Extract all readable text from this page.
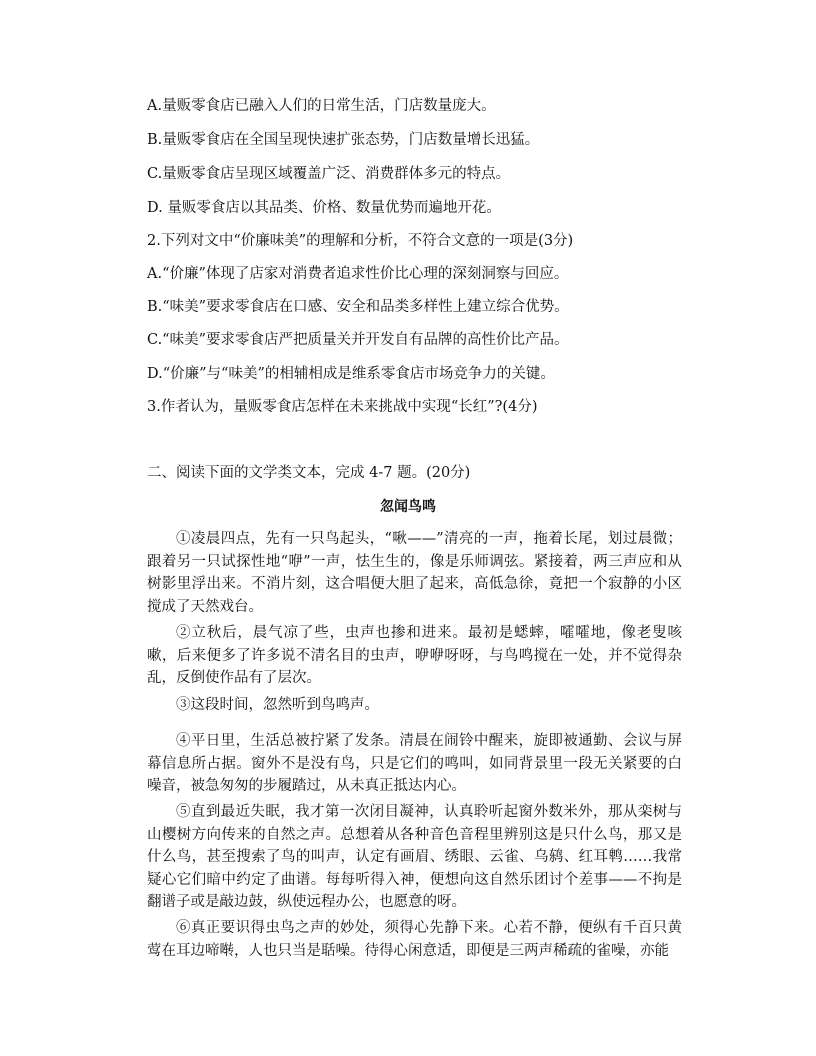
A.量贩零食店已融入人们的日常生活，门店数量庞大。
B.量贩零食店在全国呈现快速扩张态势，门店数量增长迅猛。
C.量贩零食店呈现区域覆盖广泛、消费群体多元的特点。
D. 量贩零食店以其品类、价格、数量优势而遍地开花。
2.下列对文中“价廉味美”的理解和分析，不符合文意的一项是(3分)
A.“价廉”体现了店家对消费者追求性价比心理的深刻洞察与回应。
B.“味美”要求零食店在口感、安全和品类多样性上建立综合优势。
C.“味美”要求零食店严把质量关并开发自有品牌的高性价比产品。
D.“价廉”与“味美”的相辅相成是维系零食店市场竞争力的关键。
3.作者认为，量贩零食店怎样在未来挑战中实现“长红”?(4分)
二、阅读下面的文学类文本，完成 4-7 题。(20分)
忽闻鸟鸣
①凌晨四点，先有一只鸟起头，“啾——”清亮的一声，拖着长尾，划过晨微；跟着另一只试探性地“咿”一声，怯生生的，像是乐师调弦。紧接着，两三声应和从树影里浮出来。不消片刻，这合唱便大胆了起来，高低急徐，竟把一个寂静的小区搅成了天然戏台。
②立秋后，晨气凉了些，虫声也掺和进来。最初是蟋蟀，嚯嚯地，像老叟咳嗽，后来便多了许多说不清名目的虫声，咿咿呀呀，与鸟鸣搅在一处，并不觉得杂乱，反倒使作品有了层次。
③这段时间，忽然听到鸟鸣声。
④平日里，生活总被拧紧了发条。清晨在闹铃中醒来，旋即被通勤、会议与屏幕信息所占据。窗外不是没有鸟，只是它们的鸣叫，如同背景里一段无关紧要的白噪音，被急匆匆的步履踏过，从未真正抵达内心。
⑤直到最近失眠，我才第一次闭目凝神，认真聆听起窗外数米外，那从栾树与山樱树方向传来的自然之声。总想着从各种音色音程里辨别这是只什么鸟，那又是什么鸟，甚至搜索了鸟的叫声，认定有画眉、绣眼、云雀、乌鸫、红耳鹎……我常疑心它们暗中约定了曲谱。每每听得入神，便想向这自然乐团讨个差事——不拘是翻谱子或是敲边鼓，纵使远程办公，也愿意的呀。
⑥真正要识得虫鸟之声的妙处，须得心先静下来。心若不静，便纵有千百只黄莺在耳边啼啭，人也只当是聒噪。待得心闲意适，即便是三两声稀疏的雀噪，亦能
